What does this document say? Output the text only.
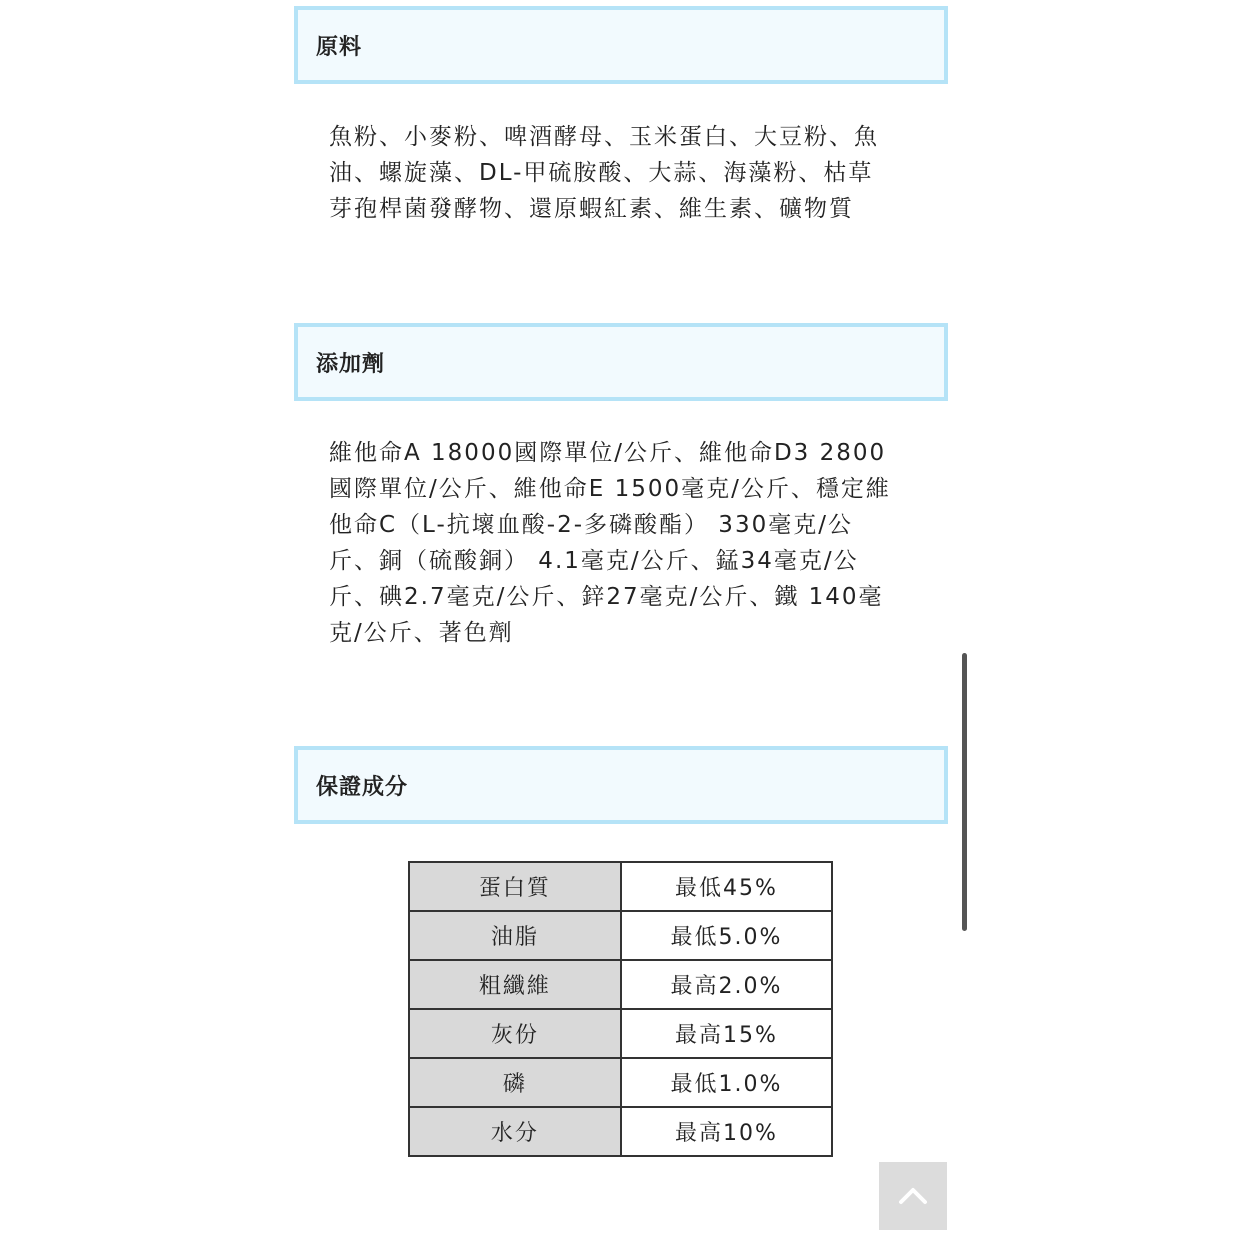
原料
魚粉、小麥粉、啤酒酵母、玉米蛋白、大豆粉、魚
油、螺旋藻、DL-甲硫胺酸、大蒜、海藻粉、枯草
芽孢桿菌發酵物、還原蝦紅素、維生素、礦物質
添加劑
維他命A 18000國際單位/公斤、維他命D3 2800
國際單位/公斤、維他命E 1500毫克/公斤、穩定維
他命C（L-抗壞血酸-2-多磷酸酯） 330毫克/公
斤、銅（硫酸銅） 4.1毫克/公斤、錳34毫克/公
斤、碘2.7毫克/公斤、鋅27毫克/公斤、鐵 140毫
克/公斤、著色劑
保證成分
蛋白質	最低45%
油脂	最低5.0%
粗纖維	最高2.0%
灰份	最高15%
磷	最低1.0%
水分	最高10%
